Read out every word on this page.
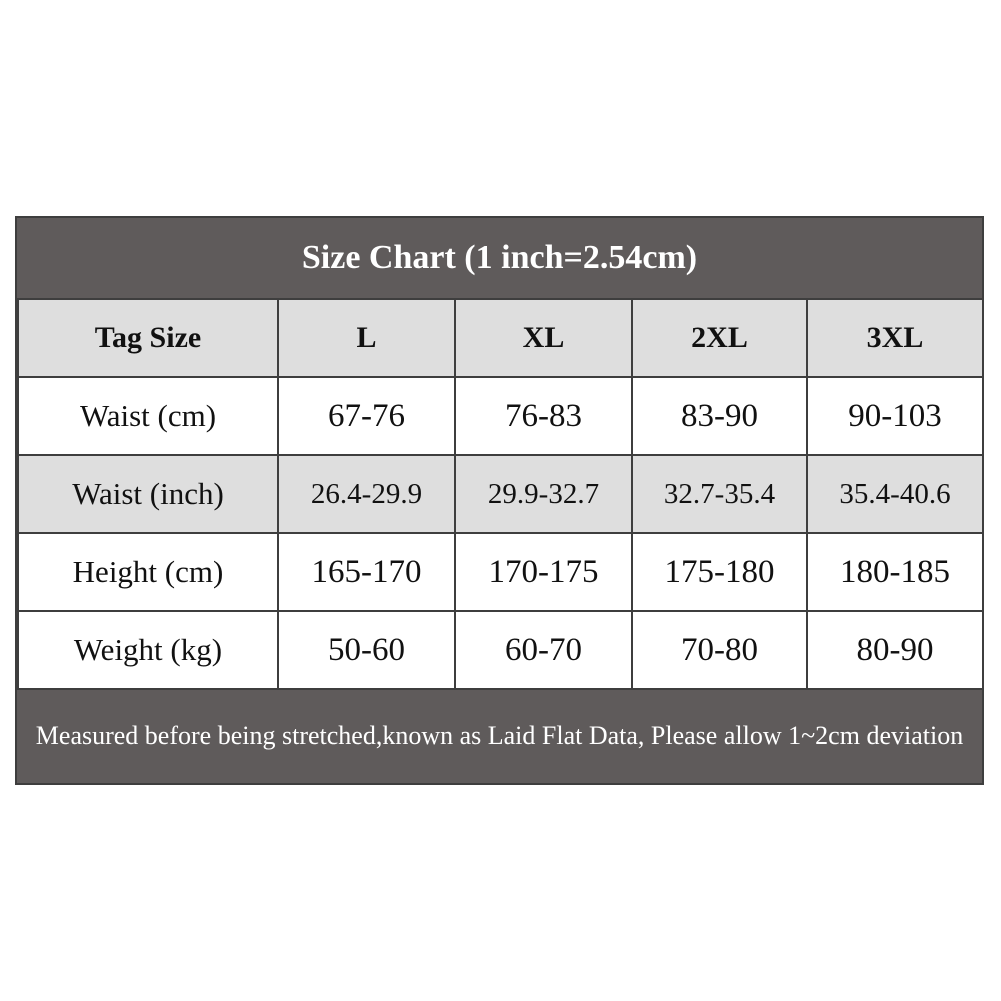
Size Chart (1 inch=2.54cm)
Tag Size	L	XL	2XL	3XL
Waist (cm)	67-76	76-83	83-90	90-103
Waist (inch)	26.4-29.9	29.9-32.7	32.7-35.4	35.4-40.6
Height (cm)	165-170	170-175	175-180	180-185
Weight (kg)	50-60	60-70	70-80	80-90
Measured before being stretched,known as Laid Flat Data, Please allow 1~2cm deviation
